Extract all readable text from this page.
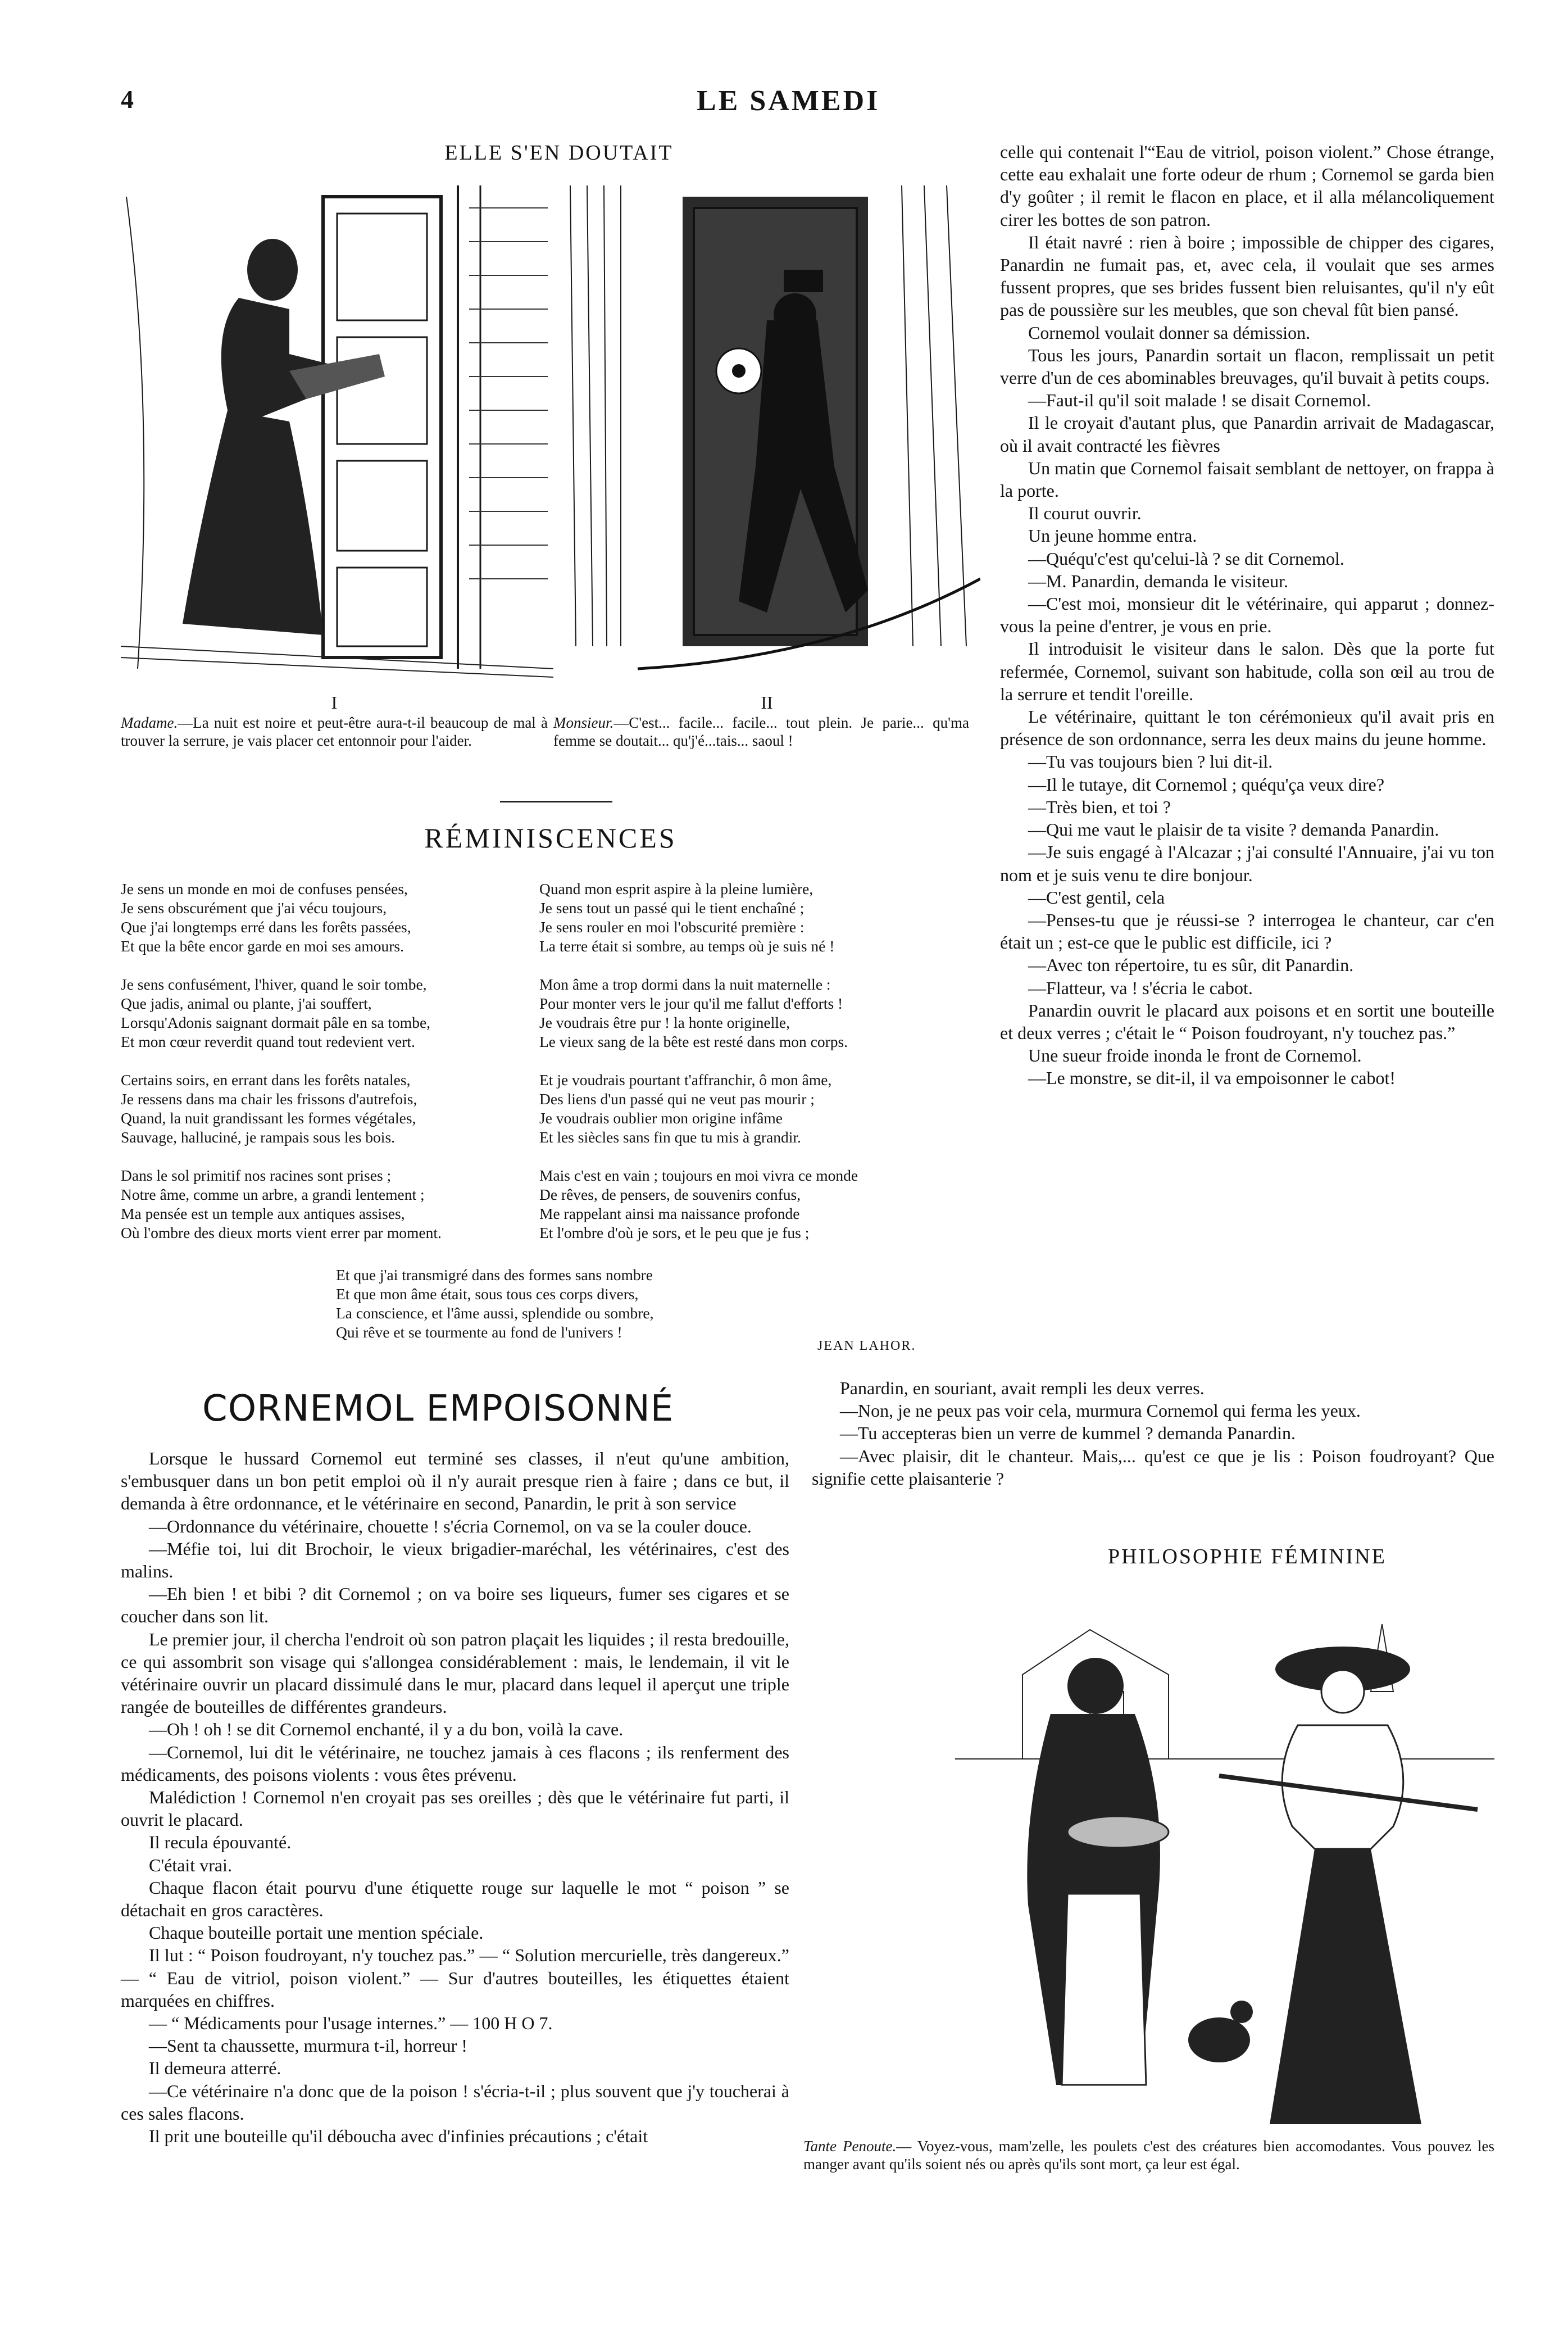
4	LE SAMEDI
ELLE S'EN DOUTAIT
I
Madame.—La nuit est noire et peut-être aura-t-il beaucoup de mal à trouver la serrure, je vais placer cet entonnoir pour l'aider.
II
Monsieur.—C'est... facile... facile... tout plein. Je parie... qu'ma femme se doutait... qu'j'é...tais... saoul !
RÉMINISCENCES
Je sens un monde en moi de confuses pensées,
Je sens obscurément que j'ai vécu toujours,
Que j'ai longtemps erré dans les forêts passées,
Et que la bête encor garde en moi ses amours.
Je sens confusément, l'hiver, quand le soir tombe,
Que jadis, animal ou plante, j'ai souffert,
Lorsqu'Adonis saignant dormait pâle en sa tombe,
Et mon cœur reverdit quand tout redevient vert.
Certains soirs, en errant dans les forêts natales,
Je ressens dans ma chair les frissons d'autrefois,
Quand, la nuit grandissant les formes végétales,
Sauvage, halluciné, je rampais sous les bois.
Dans le sol primitif nos racines sont prises ;
Notre âme, comme un arbre, a grandi lentement ;
Ma pensée est un temple aux antiques assises,
Où l'ombre des dieux morts vient errer par moment.
Quand mon esprit aspire à la pleine lumière,
Je sens tout un passé qui le tient enchaîné ;
Je sens rouler en moi l'obscurité première :
La terre était si sombre, au temps où je suis né !
Mon âme a trop dormi dans la nuit maternelle :
Pour monter vers le jour qu'il me fallut d'efforts !
Je voudrais être pur ! la honte originelle,
Le vieux sang de la bête est resté dans mon corps.
Et je voudrais pourtant t'affranchir, ô mon âme,
Des liens d'un passé qui ne veut pas mourir ;
Je voudrais oublier mon origine infâme
Et les siècles sans fin que tu mis à grandir.
Mais c'est en vain ; toujours en moi vivra ce monde
De rêves, de pensers, de souvenirs confus,
Me rappelant ainsi ma naissance profonde
Et l'ombre d'où je sors, et le peu que je fus ;
Et que j'ai transmigré dans des formes sans nombre
Et que mon âme était, sous tous ces corps divers,
La conscience, et l'âme aussi, splendide ou sombre,
Qui rêve et se tourmente au fond de l'univers !
JEAN LAHOR.
CORNEMOL EMPOISONNÉ

Lorsque le hussard Cornemol eut terminé ses classes, il n'eut qu'une ambition, s'embusquer dans un bon petit emploi où il n'y aurait presque rien à faire ; dans ce but, il demanda à être ordonnance, et le vétérinaire en second, Panardin, le prit à son service

—Ordonnance du vétérinaire, chouette ! s'écria Cornemol, on va se la couler douce.

—Méfie toi, lui dit Brochoir, le vieux brigadier-maréchal, les vétérinaires, c'est des malins.

—Eh bien ! et bibi ? dit Cornemol ; on va boire ses liqueurs, fumer ses cigares et se coucher dans son lit.

Le premier jour, il chercha l'endroit où son patron plaçait les liquides ; il resta bredouille, ce qui assombrit son visage qui s'allongea considérablement : mais, le lendemain, il vit le vétérinaire ouvrir un placard dissimulé dans le mur, placard dans lequel il aperçut une triple rangée de bouteilles de différentes grandeurs.

—Oh ! oh ! se dit Cornemol enchanté, il y a du bon, voilà la cave.

—Cornemol, lui dit le vétérinaire, ne touchez jamais à ces flacons ; ils renferment des médicaments, des poisons violents : vous êtes prévenu.

Malédiction ! Cornemol n'en croyait pas ses oreilles ; dès que le vétérinaire fut parti, il ouvrit le placard.

Il recula épouvanté.

C'était vrai.

Chaque flacon était pourvu d'une étiquette rouge sur laquelle le mot “ poison ” se détachait en gros caractères.

Chaque bouteille portait une mention spéciale.

Il lut : “ Poison foudroyant, n'y touchez pas.” — “ Solution mercurielle, très dangereux.” — “ Eau de vitriol, poison violent.” — Sur d'autres bouteilles, les étiquettes étaient marquées en chiffres.

— “ Médicaments pour l'usage internes.” — 100 H O 7.

—Sent ta chaussette, murmura t-il, horreur !

Il demeura atterré.

—Ce vétérinaire n'a donc que de la poison ! s'écria-t-il ; plus souvent que j'y toucherai à ces sales flacons.

Il prit une bouteille qu'il déboucha avec d'infinies précautions ; c'était

celle qui contenait l'“Eau de vitriol, poison violent.” Chose étrange, cette eau exhalait une forte odeur de rhum ; Cornemol se garda bien d'y goûter ; il remit le flacon en place, et il alla mélancoliquement cirer les bottes de son patron.

Il était navré : rien à boire ; impossible de chipper des cigares, Panardin ne fumait pas, et, avec cela, il voulait que ses armes fussent propres, que ses brides fussent bien reluisantes, qu'il n'y eût pas de poussière sur les meubles, que son cheval fût bien pansé.

Cornemol voulait donner sa démission.

Tous les jours, Panardin sortait un flacon, remplissait un petit verre d'un de ces abominables breuvages, qu'il buvait à petits coups.

—Faut-il qu'il soit malade ! se disait Cornemol.

Il le croyait d'autant plus, que Panardin arrivait de Madagascar, où il avait contracté les fièvres

Un matin que Cornemol faisait semblant de nettoyer, on frappa à la porte.

Il courut ouvrir.

Un jeune homme entra.

—Quéqu'c'est qu'celui-là ? se dit Cornemol.

—M. Panardin, demanda le visiteur.

—C'est moi, monsieur dit le vétérinaire, qui apparut ; donnez-vous la peine d'entrer, je vous en prie.

Il introduisit le visiteur dans le salon. Dès que la porte fut refermée, Cornemol, suivant son habitude, colla son œil au trou de la serrure et tendit l'oreille.

Le vétérinaire, quittant le ton cérémonieux qu'il avait pris en présence de son ordonnance, serra les deux mains du jeune homme.

—Tu vas toujours bien ? lui dit-il.

—Il le tutaye, dit Cornemol ; quéqu'ça veux dire?

—Très bien, et toi ?

—Qui me vaut le plaisir de ta visite ? demanda Panardin.

—Je suis engagé à l'Alcazar ; j'ai consulté l'Annuaire, j'ai vu ton nom et je suis venu te dire bonjour.

—C'est gentil, cela

—Penses-tu que je réussi-se ? interrogea le chanteur, car c'en était un ; est-ce que le public est difficile, ici ?

—Avec ton répertoire, tu es sûr, dit Panardin.

—Flatteur, va ! s'écria le cabot.

Panardin ouvrit le placard aux poisons et en sortit une bouteille et deux verres ; c'était le “ Poison foudroyant, n'y touchez pas.”

Une sueur froide inonda le front de Cornemol.

—Le monstre, se dit-il, il va empoisonner le cabot!

Panardin, en souriant, avait rempli les deux verres.

—Non, je ne peux pas voir cela, murmura Cornemol qui ferma les yeux.

—Tu accepteras bien un verre de kummel ? demanda Panardin.

—Avec plaisir, dit le chanteur. Mais,... qu'est ce que je lis : Poison foudroyant? Que signifie cette plaisanterie ?

PHILOSOPHIE FÉMININE
Tante Penoute.— Voyez-vous, mam'zelle, les poulets c'est des créatures bien accomodantes. Vous pouvez les manger avant qu'ils soient nés ou après qu'ils sont mort, ça leur est égal.
